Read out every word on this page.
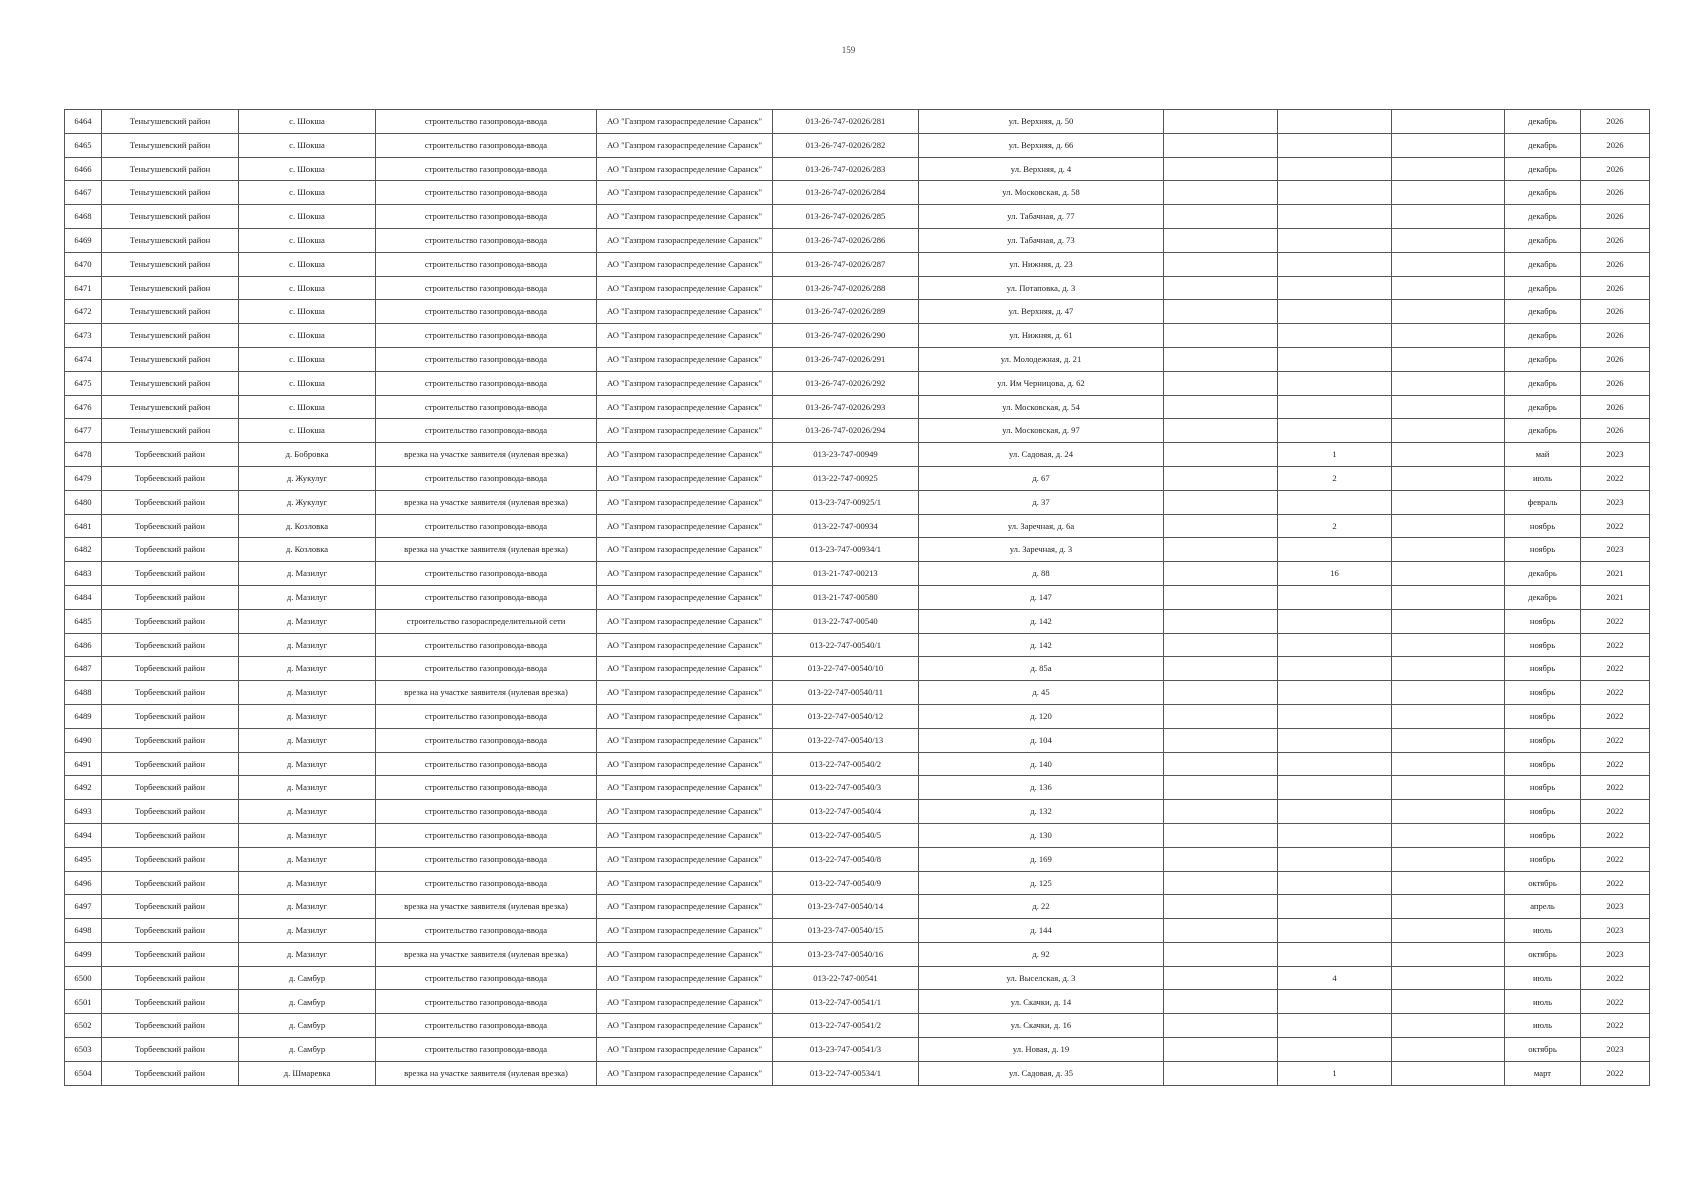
159
6464	Теньгушевский район	с. Шокша	строительство газопровода-ввода	АО "Газпром газораспределение Саранск"	013-26-747-02026/281	ул. Верхняя, д. 50				декабрь	2026
6465	Теньгушевский район	с. Шокша	строительство газопровода-ввода	АО "Газпром газораспределение Саранск"	013-26-747-02026/282	ул. Верхняя, д. 66				декабрь	2026
6466	Теньгушевский район	с. Шокша	строительство газопровода-ввода	АО "Газпром газораспределение Саранск"	013-26-747-02026/283	ул. Верхняя, д. 4				декабрь	2026
6467	Теньгушевский район	с. Шокша	строительство газопровода-ввода	АО "Газпром газораспределение Саранск"	013-26-747-02026/284	ул. Московская, д. 58				декабрь	2026
6468	Теньгушевский район	с. Шокша	строительство газопровода-ввода	АО "Газпром газораспределение Саранск"	013-26-747-02026/285	ул. Табачная, д. 77				декабрь	2026
6469	Теньгушевский район	с. Шокша	строительство газопровода-ввода	АО "Газпром газораспределение Саранск"	013-26-747-02026/286	ул. Табачная, д. 73				декабрь	2026
6470	Теньгушевский район	с. Шокша	строительство газопровода-ввода	АО "Газпром газораспределение Саранск"	013-26-747-02026/287	ул. Нижняя, д. 23				декабрь	2026
6471	Теньгушевский район	с. Шокша	строительство газопровода-ввода	АО "Газпром газораспределение Саранск"	013-26-747-02026/288	ул. Потаповка, д. 3				декабрь	2026
6472	Теньгушевский район	с. Шокша	строительство газопровода-ввода	АО "Газпром газораспределение Саранск"	013-26-747-02026/289	ул. Верхняя, д. 47				декабрь	2026
6473	Теньгушевский район	с. Шокша	строительство газопровода-ввода	АО "Газпром газораспределение Саранск"	013-26-747-02026/290	ул. Нижняя, д. 61				декабрь	2026
6474	Теньгушевский район	с. Шокша	строительство газопровода-ввода	АО "Газпром газораспределение Саранск"	013-26-747-02026/291	ул. Молодежная, д. 21				декабрь	2026
6475	Теньгушевский район	с. Шокша	строительство газопровода-ввода	АО "Газпром газораспределение Саранск"	013-26-747-02026/292	ул. Им Черницова, д. 62				декабрь	2026
6476	Теньгушевский район	с. Шокша	строительство газопровода-ввода	АО "Газпром газораспределение Саранск"	013-26-747-02026/293	ул. Московская, д. 54				декабрь	2026
6477	Теньгушевский район	с. Шокша	строительство газопровода-ввода	АО "Газпром газораспределение Саранск"	013-26-747-02026/294	ул. Московская, д. 97				декабрь	2026
6478	Торбеевский район	д. Бобровка	врезка на участке заявителя (нулевая врезка)	АО "Газпром газораспределение Саранск"	013-23-747-00949	ул. Садовая, д. 24		1		май	2023
6479	Торбеевский район	д. Жукулуг	строительство газопровода-ввода	АО "Газпром газораспределение Саранск"	013-22-747-00925	д. 67		2		июль	2022
6480	Торбеевский район	д. Жукулуг	врезка на участке заявителя (нулевая врезка)	АО "Газпром газораспределение Саранск"	013-23-747-00925/1	д. 37				февраль	2023
6481	Торбеевский район	д. Козловка	строительство газопровода-ввода	АО "Газпром газораспределение Саранск"	013-22-747-00934	ул. Заречная, д. 6а		2		ноябрь	2022
6482	Торбеевский район	д. Козловка	врезка на участке заявителя (нулевая врезка)	АО "Газпром газораспределение Саранск"	013-23-747-00934/1	ул. Заречная, д. 3				ноябрь	2023
6483	Торбеевский район	д. Мазилуг	строительство газопровода-ввода	АО "Газпром газораспределение Саранск"	013-21-747-00213	д. 88		16		декабрь	2021
6484	Торбеевский район	д. Мазилуг	строительство газопровода-ввода	АО "Газпром газораспределение Саранск"	013-21-747-00580	д. 147				декабрь	2021
6485	Торбеевский район	д. Мазилуг	строительство газораспределительной сети	АО "Газпром газораспределение Саранск"	013-22-747-00540	д. 142				ноябрь	2022
6486	Торбеевский район	д. Мазилуг	строительство газопровода-ввода	АО "Газпром газораспределение Саранск"	013-22-747-00540/1	д. 142				ноябрь	2022
6487	Торбеевский район	д. Мазилуг	строительство газопровода-ввода	АО "Газпром газораспределение Саранск"	013-22-747-00540/10	д. 85а				ноябрь	2022
6488	Торбеевский район	д. Мазилуг	врезка на участке заявителя (нулевая врезка)	АО "Газпром газораспределение Саранск"	013-22-747-00540/11	д. 45				ноябрь	2022
6489	Торбеевский район	д. Мазилуг	строительство газопровода-ввода	АО "Газпром газораспределение Саранск"	013-22-747-00540/12	д. 120				ноябрь	2022
6490	Торбеевский район	д. Мазилуг	строительство газопровода-ввода	АО "Газпром газораспределение Саранск"	013-22-747-00540/13	д. 104				ноябрь	2022
6491	Торбеевский район	д. Мазилуг	строительство газопровода-ввода	АО "Газпром газораспределение Саранск"	013-22-747-00540/2	д. 140				ноябрь	2022
6492	Торбеевский район	д. Мазилуг	строительство газопровода-ввода	АО "Газпром газораспределение Саранск"	013-22-747-00540/3	д. 136				ноябрь	2022
6493	Торбеевский район	д. Мазилуг	строительство газопровода-ввода	АО "Газпром газораспределение Саранск"	013-22-747-00540/4	д. 132				ноябрь	2022
6494	Торбеевский район	д. Мазилуг	строительство газопровода-ввода	АО "Газпром газораспределение Саранск"	013-22-747-00540/5	д. 130				ноябрь	2022
6495	Торбеевский район	д. Мазилуг	строительство газопровода-ввода	АО "Газпром газораспределение Саранск"	013-22-747-00540/8	д. 169				ноябрь	2022
6496	Торбеевский район	д. Мазилуг	строительство газопровода-ввода	АО "Газпром газораспределение Саранск"	013-22-747-00540/9	д. 125				октябрь	2022
6497	Торбеевский район	д. Мазилуг	врезка на участке заявителя (нулевая врезка)	АО "Газпром газораспределение Саранск"	013-23-747-00540/14	д. 22				апрель	2023
6498	Торбеевский район	д. Мазилуг	строительство газопровода-ввода	АО "Газпром газораспределение Саранск"	013-23-747-00540/15	д. 144				июль	2023
6499	Торбеевский район	д. Мазилуг	врезка на участке заявителя (нулевая врезка)	АО "Газпром газораспределение Саранск"	013-23-747-00540/16	д. 92				октябрь	2023
6500	Торбеевский район	д. Самбур	строительство газопровода-ввода	АО "Газпром газораспределение Саранск"	013-22-747-00541	ул. Выселская, д. 3		4		июль	2022
6501	Торбеевский район	д. Самбур	строительство газопровода-ввода	АО "Газпром газораспределение Саранск"	013-22-747-00541/1	ул. Скачки, д. 14				июль	2022
6502	Торбеевский район	д. Самбур	строительство газопровода-ввода	АО "Газпром газораспределение Саранск"	013-22-747-00541/2	ул. Скачки, д. 16				июль	2022
6503	Торбеевский район	д. Самбур	строительство газопровода-ввода	АО "Газпром газораспределение Саранск"	013-23-747-00541/3	ул. Новая, д. 19				октябрь	2023
6504	Торбеевский район	д. Шмаревка	врезка на участке заявителя (нулевая врезка)	АО "Газпром газораспределение Саранск"	013-22-747-00534/1	ул. Садовая, д. 35		1		март	2022
